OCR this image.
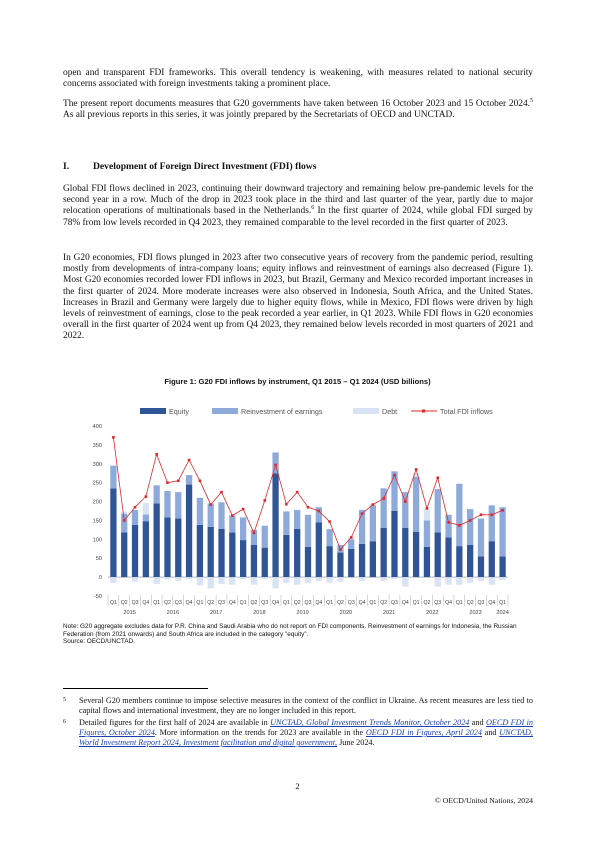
open and transparent FDI frameworks. This overall tendency is weakening, with measures related to national security concerns associated with foreign investments taking a prominent place.

The present report documents measures that G20 governments have taken between 16 October 2023 and 15 October 2024.$^5$ As all previous reports in this series, it was jointly prepared by the Secretariats of OECD and UNCTAD.

I. Development of Foreign Direct Investment (FDI) flows

Global FDI flows declined in 2023, continuing their downward trajectory and remaining below pre-pandemic levels for the second year in a row. Much of the drop in 2023 took place in the third and last quarter of the year, partly due to major relocation operations of multinationals based in the Netherlands.$^6$ In the first quarter of 2024, while global FDI surged by 78% from low levels recorded in Q4 2023, they remained comparable to the level recorded in the first quarter of 2023.

In G20 economies, FDI flows plunged in 2023 after two consecutive years of recovery from the pandemic period, resulting mostly from developments of intra-company loans; equity inflows and reinvestment of earnings also decreased (Figure 1). Most G20 economies recorded lower FDI inflows in 2023, but Brazil, Germany and Mexico recorded important increases in the first quarter of 2024. More moderate increases were also observed in Indonesia, South Africa, and the United States. Increases in Brazil and Germany were largely due to higher equity flows, while in Mexico, FDI flows were driven by high levels of reinvestment of earnings, close to the peak recorded a year earlier, in Q1 2023. While FDI flows in G20 economies overall in the first quarter of 2024 went up from Q4 2023, they remained below levels recorded in most quarters of 2021 and 2022.

Figure 1: G20 FDI inflows by instrument, Q1 2015 – Q1 2024 (USD billions)

Equity	Reinvestment of earnings	Debt	Total FDI inflows
-50
0
50
100
150
200
250
300
350
400
Q1 Q2 Q3 Q4 Q1 Q2 Q3 Q4 Q1 Q2 Q3 Q4 Q1 Q2 Q3 Q4 Q1 Q2 Q3 Q4 Q1 Q2 Q3 Q4 Q1 Q2 Q3 Q4 Q1 Q2 Q3 Q4 Q1 Q2 Q3 Q4 Q1
2015	2016	2017	2018	2019	2020	2021	2022	2023	2024

Note: G20 aggregate excludes data for P.R. China and Saudi Arabia who do not report on FDI components. Reinvestment of earnings for Indonesia, the Russian Federation (from 2021 onwards) and South Africa are included in the category "equity".
Source: OECD/UNCTAD.

5 Several G20 members continue to impose selective measures in the context of the conflict in Ukraine. As recent measures are less tied to capital flows and international investment, they are no longer included in this report.

6 Detailed figures for the first half of 2024 are available in UNCTAD, Global Investment Trends Monitor, October 2024 and OECD FDI in Figures, October 2024. More information on the trends for 2023 are available in the OECD FDI in Figures, April 2024 and UNCTAD, World Investment Report 2024, Investment facilitation and digital government, June 2024.

2

© OECD/United Nations, 2024
